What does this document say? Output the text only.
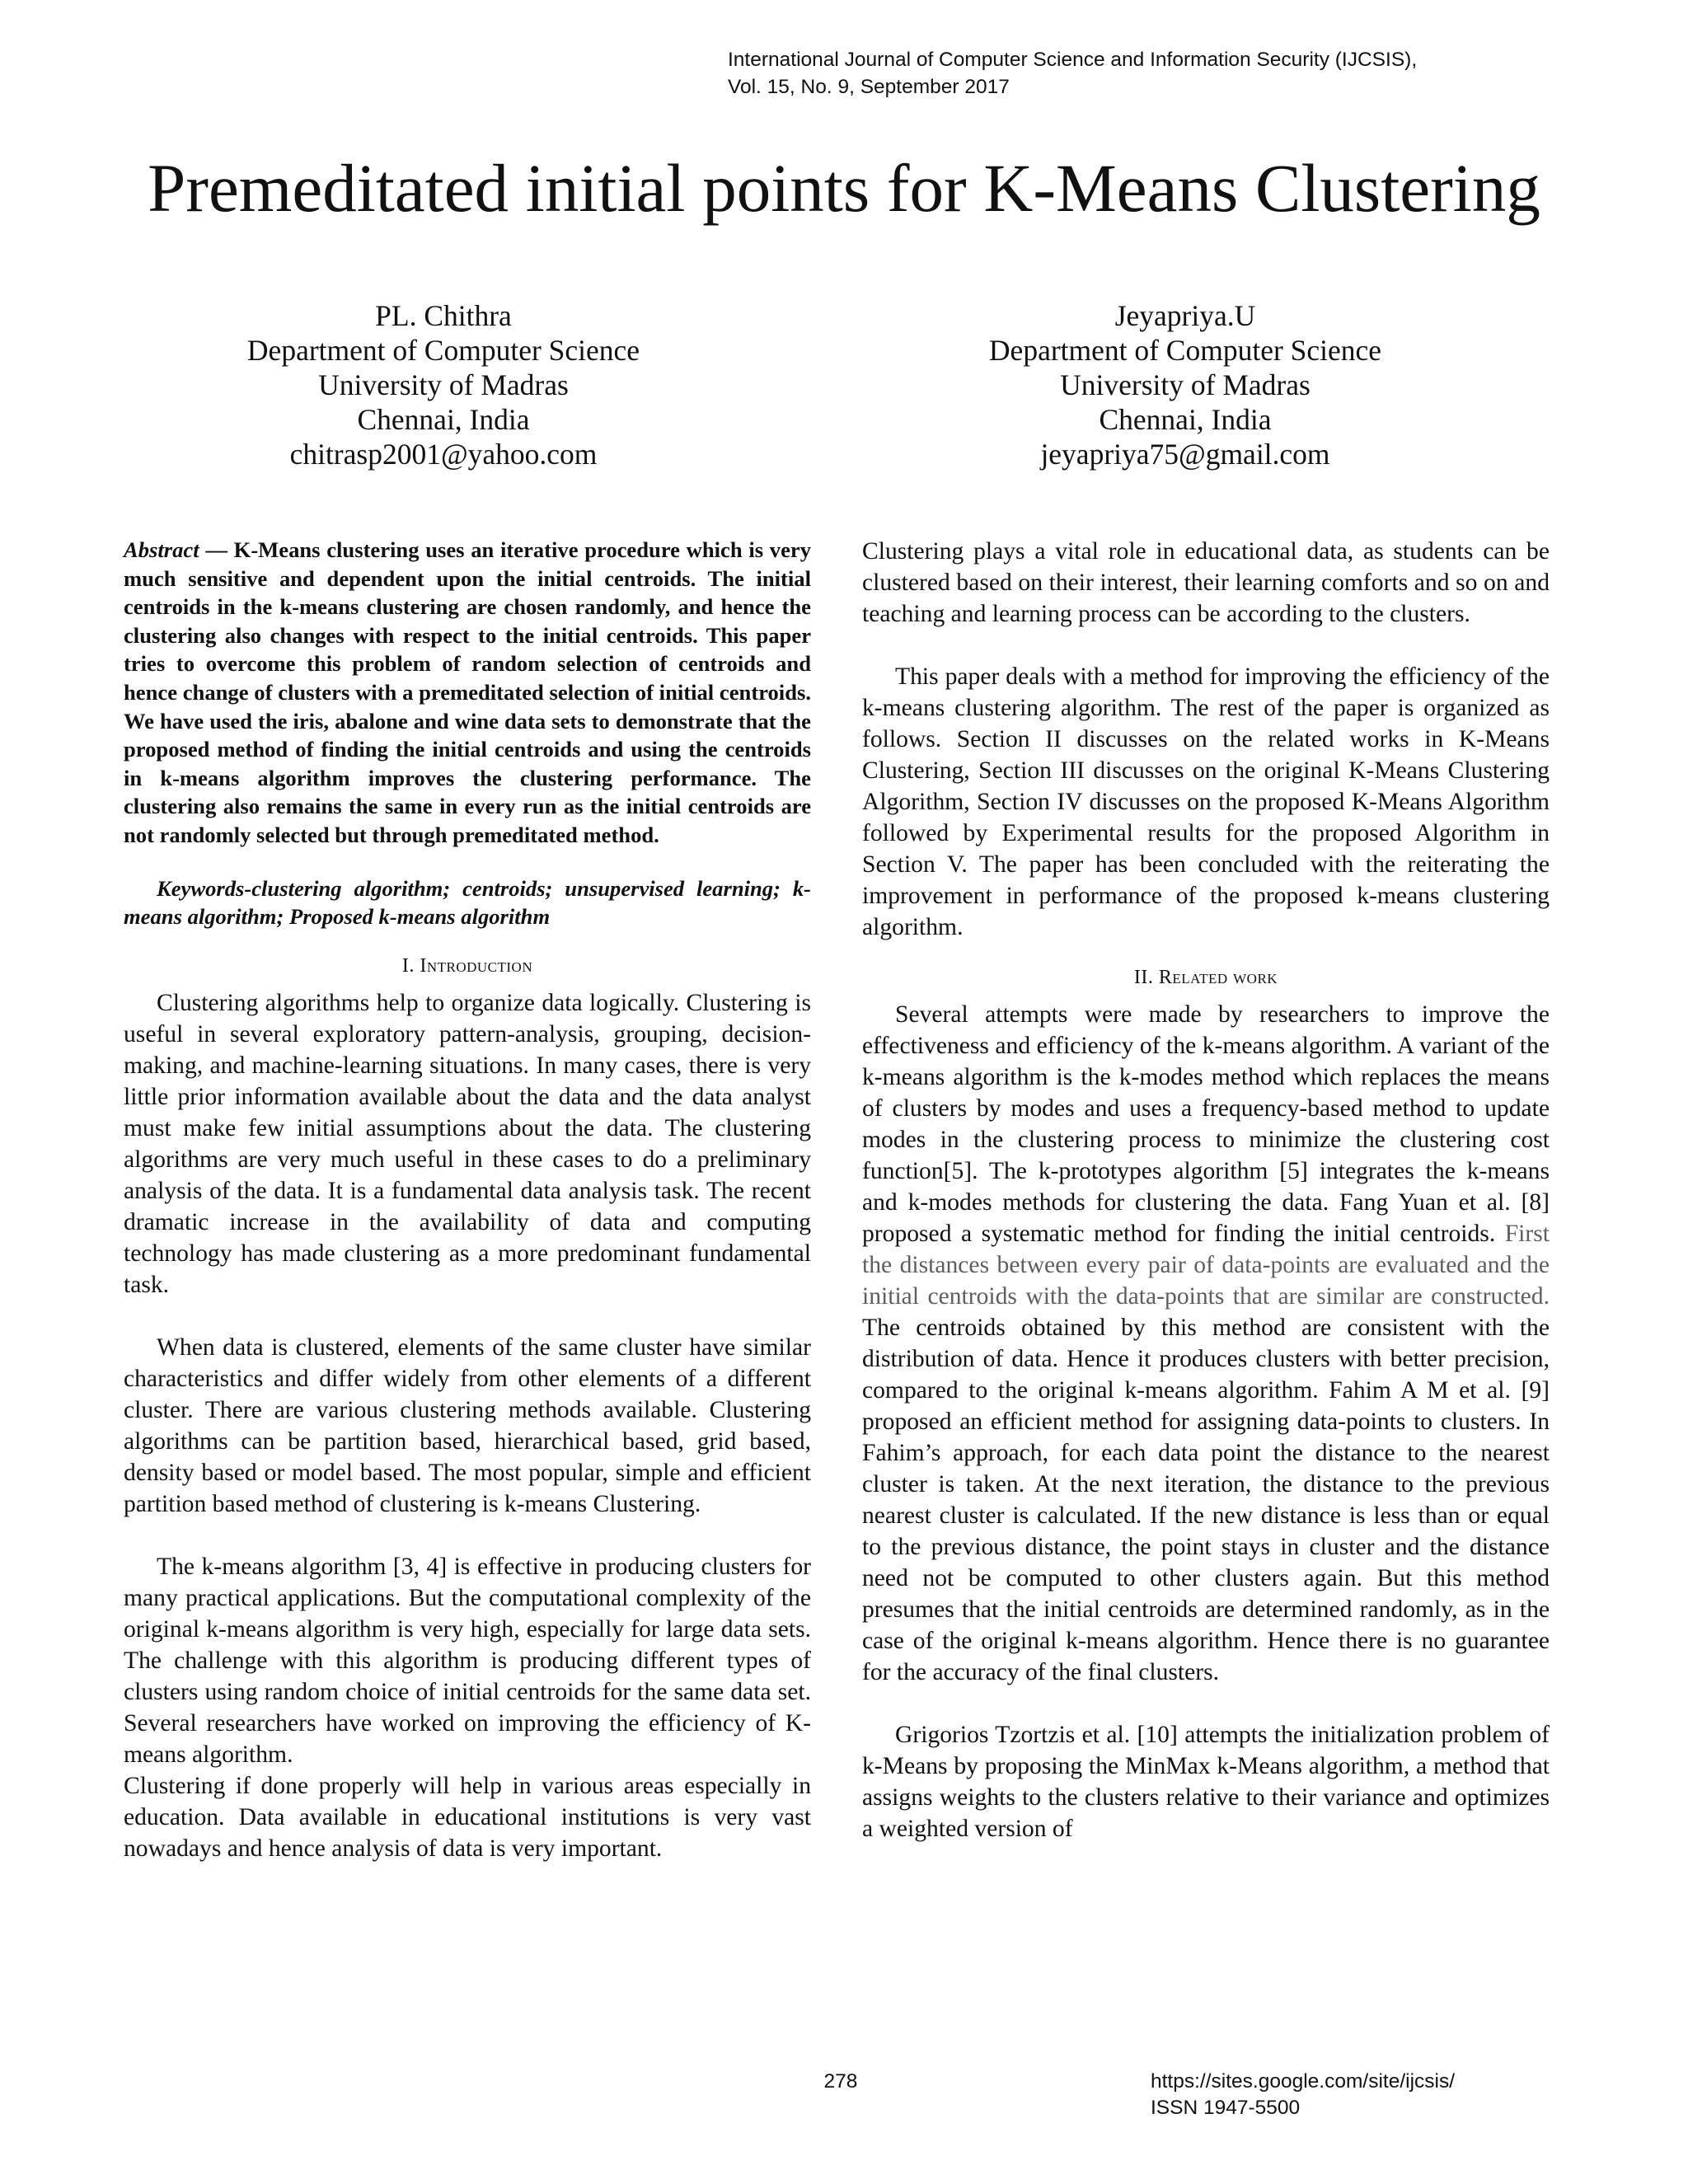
International Journal of Computer Science and Information Security (IJCSIS),
Vol. 15, No. 9, September 2017
Premeditated initial points for K-Means Clustering
PL. Chithra
Department of Computer Science
University of Madras
Chennai, India
chitrasp2001@yahoo.com
Jeyapriya.U
Department of Computer Science
University of Madras
Chennai, India
jeyapriya75@gmail.com

Abstract — K-Means clustering uses an iterative procedure which is very much sensitive and dependent upon the initial centroids. The initial centroids in the k-means clustering are chosen randomly, and hence the clustering also changes with respect to the initial centroids. This paper tries to overcome this problem of random selection of centroids and hence change of clusters with a premeditated selection of initial centroids. We have used the iris, abalone and wine data sets to demonstrate that the proposed method of finding the initial centroids and using the centroids in k-means algorithm improves the clustering performance. The clustering also remains the same in every run as the initial centroids are not randomly selected but through premeditated method.

Keywords-clustering algorithm; centroids; unsupervised learning; k-means algorithm; Proposed k-means algorithm

I. Introduction

Clustering algorithms help to organize data logically. Clustering is useful in several exploratory pattern-analysis, grouping, decision-making, and machine-learning situations. In many cases, there is very little prior information available about the data and the data analyst must make few initial assumptions about the data. The clustering algorithms are very much useful in these cases to do a preliminary analysis of the data. It is a fundamental data analysis task. The recent dramatic increase in the availability of data and computing technology has made clustering as a more predominant fundamental task.

When data is clustered, elements of the same cluster have similar characteristics and differ widely from other elements of a different cluster. There are various clustering methods available. Clustering algorithms can be partition based, hierarchical based, grid based, density based or model based. The most popular, simple and efficient partition based method of clustering is k-means Clustering.

The k-means algorithm [3, 4] is effective in producing clusters for many practical applications. But the computational complexity of the original k-means algorithm is very high, especially for large data sets. The challenge with this algorithm is producing different types of clusters using random choice of initial centroids for the same data set. Several researchers have worked on improving the efficiency of K-means algorithm.

Clustering if done properly will help in various areas especially in education. Data available in educational institutions is very vast nowadays and hence analysis of data is very important.

Clustering plays a vital role in educational data, as students can be clustered based on their interest, their learning comforts and so on and teaching and learning process can be according to the clusters.

This paper deals with a method for improving the efficiency of the k-means clustering algorithm. The rest of the paper is organized as follows. Section II discusses on the related works in K-Means Clustering, Section III discusses on the original K-Means Clustering Algorithm, Section IV discusses on the proposed K-Means Algorithm followed by Experimental results for the proposed Algorithm in Section V. The paper has been concluded with the reiterating the improvement in performance of the proposed k-means clustering algorithm.

II. Related work

Several attempts were made by researchers to improve the effectiveness and efficiency of the k-means algorithm. A variant of the k-means algorithm is the k-modes method which replaces the means of clusters by modes and uses a frequency-based method to update modes in the clustering process to minimize the clustering cost function[5]. The k-prototypes algorithm [5] integrates the k-means and k-modes methods for clustering the data. Fang Yuan et al. [8] proposed a systematic method for finding the initial centroids. First the distances between every pair of data-points are evaluated and the initial centroids with the data-points that are similar are constructed. The centroids obtained by this method are consistent with the distribution of data. Hence it produces clusters with better precision, compared to the original k-means algorithm. Fahim A M et al. [9] proposed an efficient method for assigning data-points to clusters. In Fahim’s approach, for each data point the distance to the nearest cluster is taken. At the next iteration, the distance to the previous nearest cluster is calculated. If the new distance is less than or equal to the previous distance, the point stays in cluster and the distance need not be computed to other clusters again. But this method presumes that the initial centroids are determined randomly, as in the case of the original k-means algorithm. Hence there is no guarantee for the accuracy of the final clusters.

Grigorios Tzortzis et al. [10] attempts the initialization problem of k-Means by proposing the MinMax k-Means algorithm, a method that assigns weights to the clusters relative to their variance and optimizes a weighted version of

278	https://sites.google.com/site/ijcsis/
ISSN 1947-5500
